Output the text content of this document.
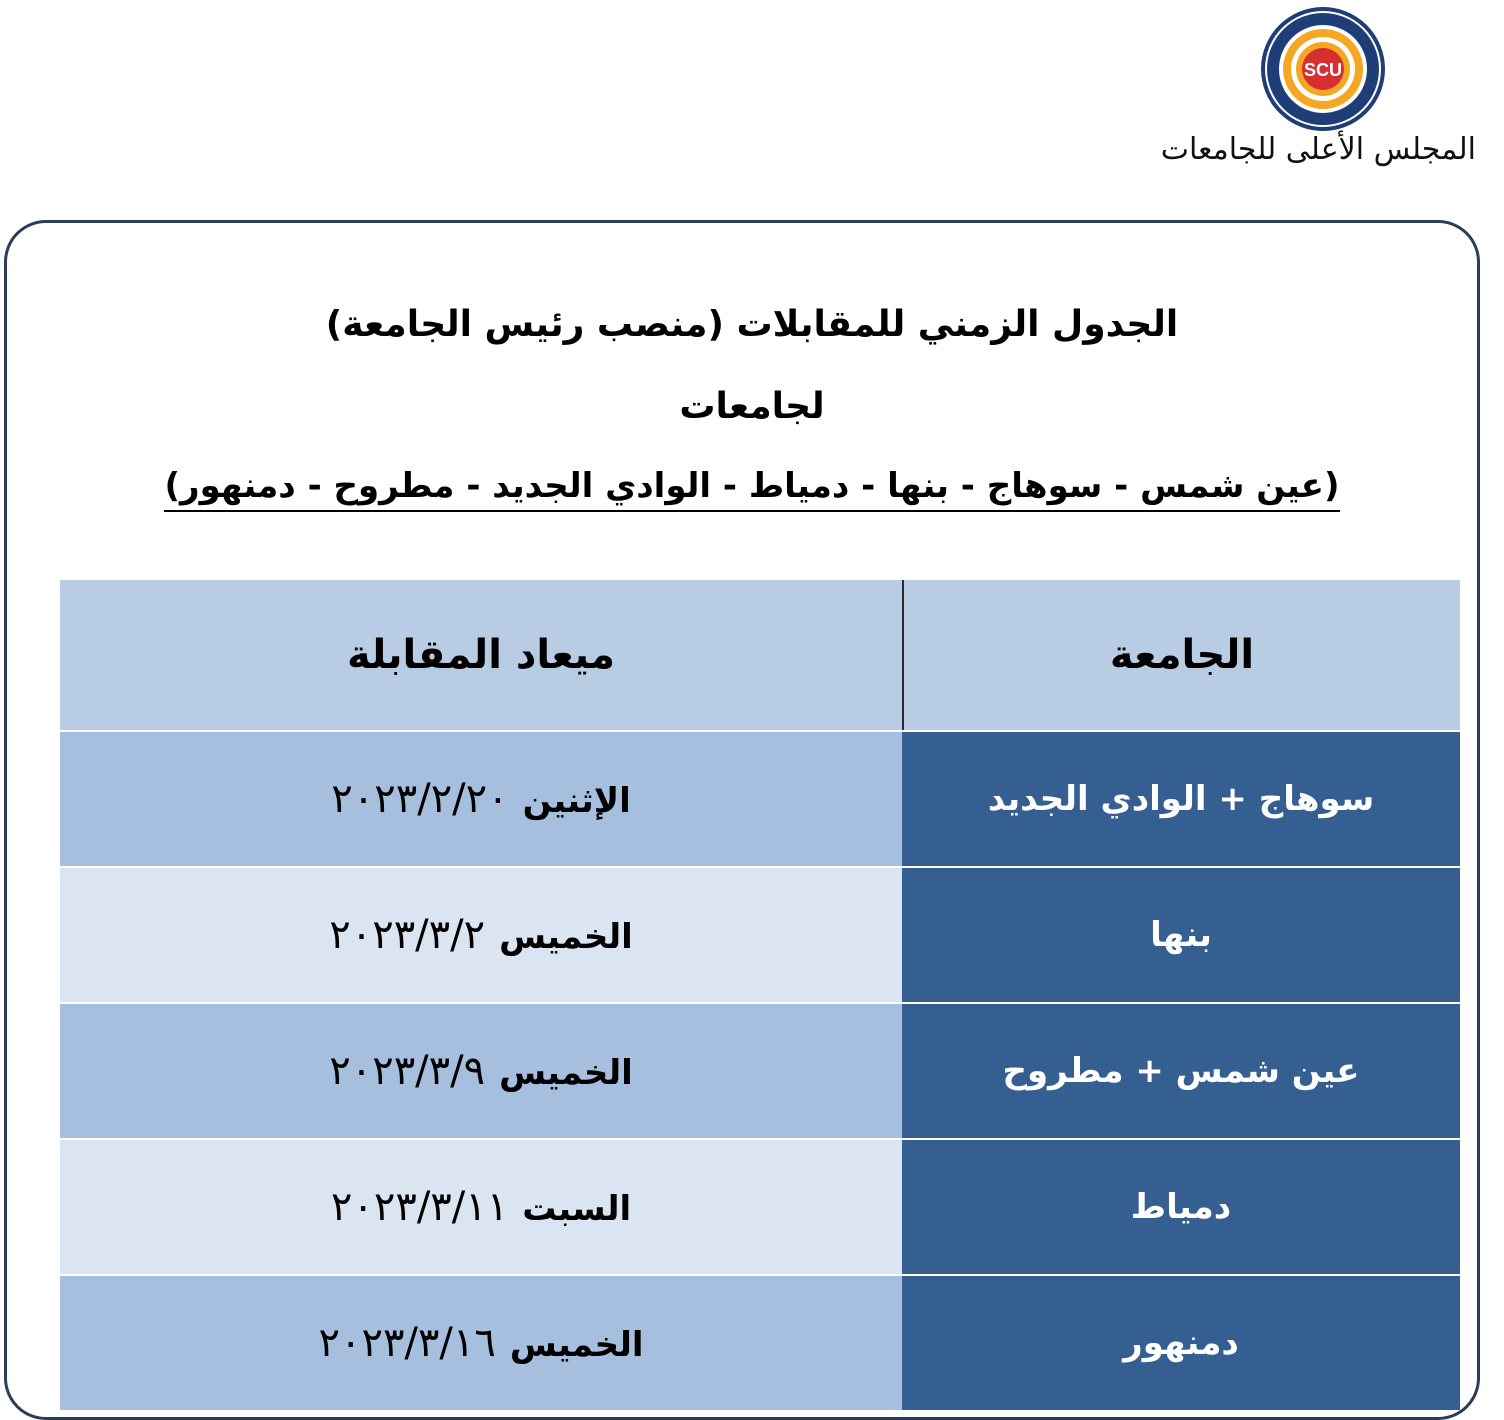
SCU
المجلس الأعلى للجامعات
الجدول الزمني للمقابلات (منصب رئيس الجامعة)
لجامعات
(عين شمس - سوهاج - بنها - دمياط - الوادي الجديد - مطروح - دمنهور)
الجامعة
ميعاد المقابلة
سوهاج + الوادي الجديد
الإثنين
٢٠٢٣/٢/٢٠
بنها
الخميس
٢٠٢٣/٣/٢
عين شمس + مطروح
الخميس
٢٠٢٣/٣/٩
دمياط
السبت
٢٠٢٣/٣/١١
دمنهور
الخميس
٢٠٢٣/٣/١٦
